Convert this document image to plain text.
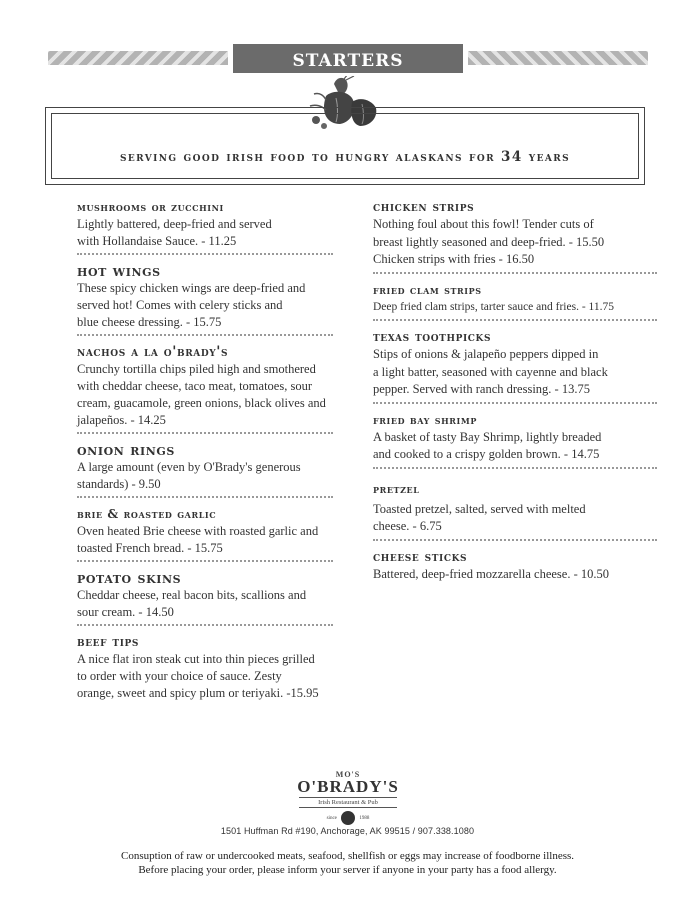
starters
serving good irish food to hungry alaskans for 34 years
mushrooms or zucchini
Lightly battered, deep-fried and served
with Hollandaise Sauce. - 11.25
hot wings
These spicy chicken wings are deep-fried and
served hot! Comes with celery sticks and
blue cheese dressing. - 15.75
nachos a la o'brady's
Crunchy tortilla chips piled high and smothered
with cheddar cheese, taco meat, tomatoes, sour
cream, guacamole, green onions, black olives and
jalapeños. - 14.25
onion rings
A large amount (even by O'Brady's generous
standards) - 9.50
brie & roasted garlic
Oven heated Brie cheese with roasted garlic and
toasted French bread. - 15.75
potato skins
Cheddar cheese, real bacon bits, scallions and
sour cream. - 14.50
beef tips
A nice flat iron steak cut into thin pieces grilled
to order with your choice of sauce. Zesty
orange, sweet and spicy plum or teriyaki. -15.95
chicken strips
Nothing foul about this fowl! Tender cuts of
breast lightly seasoned and deep-fried. - 15.50
Chicken strips with fries - 16.50
fried clam strips
Deep fried clam strips, tarter sauce and fries. - 11.75
texas toothpicks
Stips of onions & jalapeño peppers dipped in
a light batter, seasoned with cayenne and black
pepper. Served with ranch dressing. - 13.75
fried bay shrimp
A basket of tasty Bay Shrimp, lightly breaded
and cooked to a crispy golden brown. - 14.75
pretzel
Toasted pretzel, salted, served with melted
cheese. - 6.75
cheese sticks
Battered, deep-fried mozzarella cheese. - 10.50
MO'S
O'BRADY'S
Irish Restaurant & Pub
since	1988
1501 Huffman Rd #190, Anchorage, AK 99515 / 907.338.1080
Consuption of raw or undercooked meats, seafood, shellfish or eggs may increase of foodborne illness.
Before placing your order, please inform your server if anyone in your party has a food allergy.
